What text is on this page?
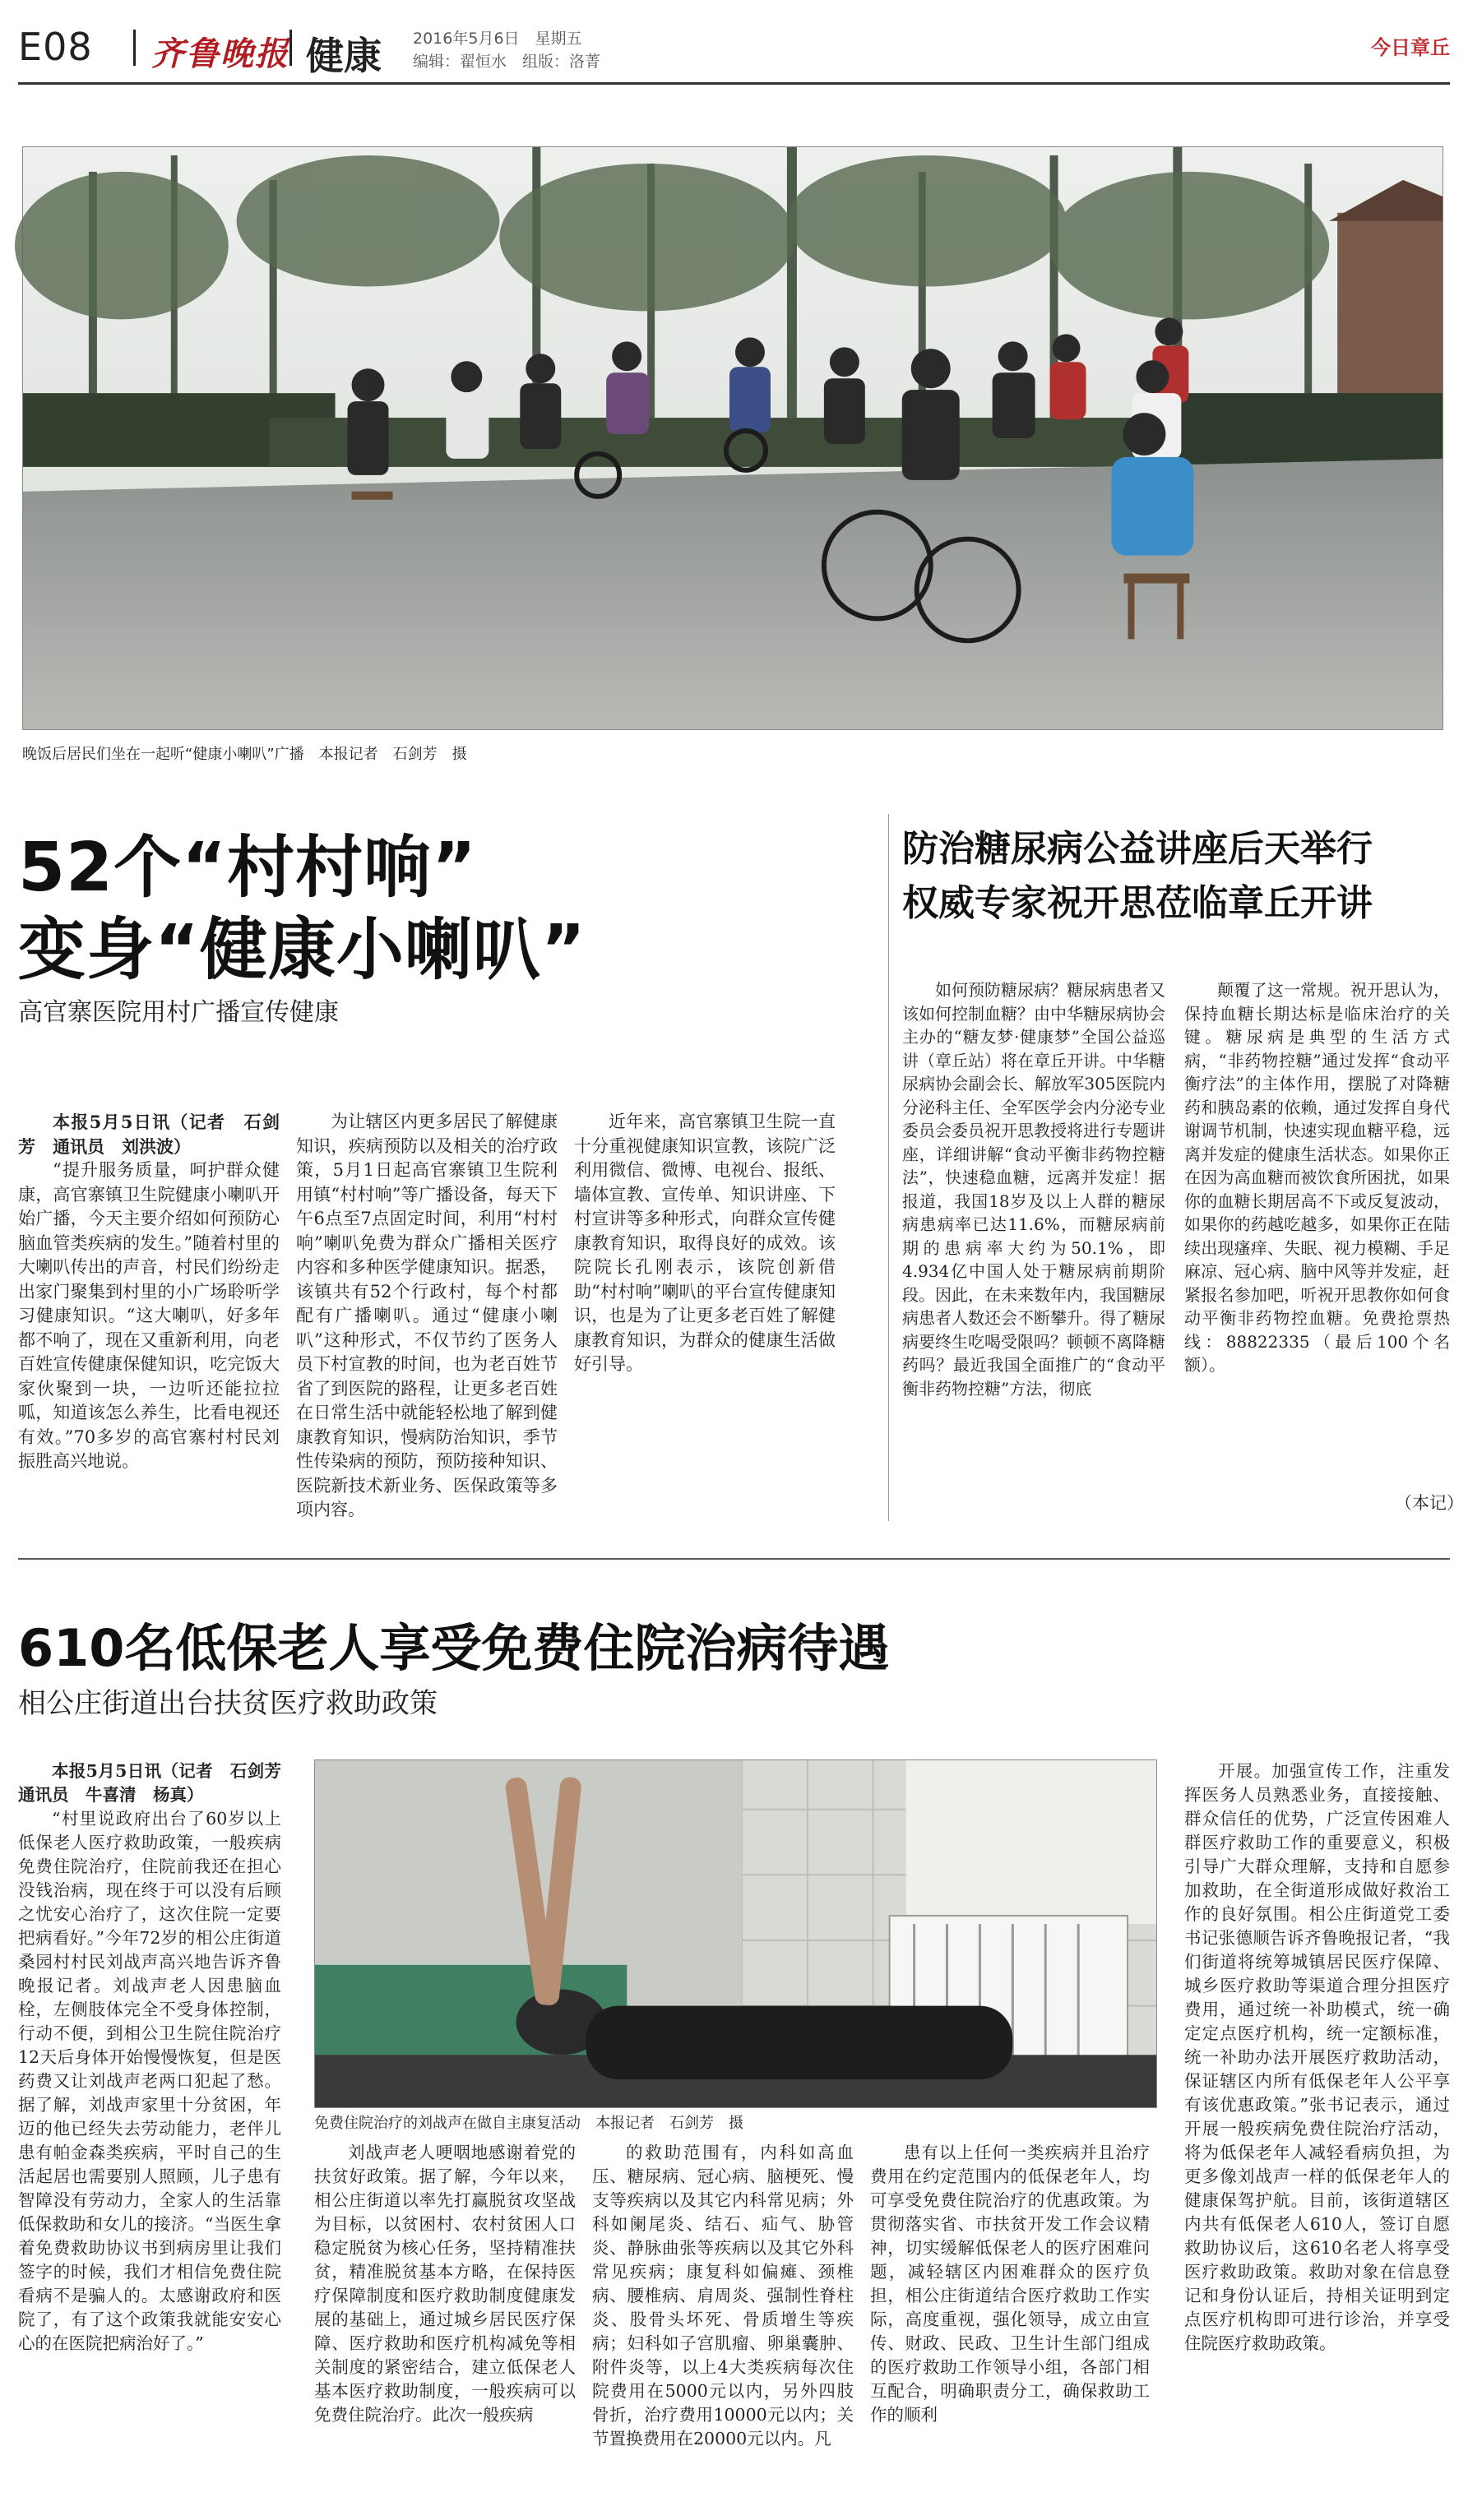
E08 齐鲁晚报 健康 2016年5月6日　星期五
编辑：翟恒水　组版：洛菁
今日章丘
晚饭后居民们坐在一起听“健康小喇叭”广播　本报记者　石剑芳　摄
52个“村村响”
变身“健康小喇叭”
高官寨医院用村广播宣传健康

本报5月5日讯（记者　石剑芳　通讯员　刘洪波）

“提升服务质量，呵护群众健康，高官寨镇卫生院健康小喇叭开始广播，今天主要介绍如何预防心脑血管类疾病的发生。”随着村里的大喇叭传出的声音，村民们纷纷走出家门聚集到村里的小广场聆听学习健康知识。“这大喇叭，好多年都不响了，现在又重新利用，向老百姓宣传健康保健知识，吃完饭大家伙聚到一块，一边听还能拉拉呱，知道该怎么养生，比看电视还有效。”70多岁的高官寨村村民刘振胜高兴地说。

为让辖区内更多居民了解健康知识，疾病预防以及相关的治疗政策，5月1日起高官寨镇卫生院利用镇“村村响”等广播设备，每天下午6点至7点固定时间，利用“村村响”喇叭免费为群众广播相关医疗内容和多种医学健康知识。据悉，该镇共有52个行政村，每个村都配有广播喇叭。通过“健康小喇叭”这种形式，不仅节约了医务人员下村宣教的时间，也为老百姓节省了到医院的路程，让更多老百姓在日常生活中就能轻松地了解到健康教育知识，慢病防治知识，季节性传染病的预防，预防接种知识、医院新技术新业务、医保政策等多项内容。

近年来，高官寨镇卫生院一直十分重视健康知识宣教，该院广泛利用微信、微博、电视台、报纸、墙体宣教、宣传单、知识讲座、下村宣讲等多种形式，向群众宣传健康教育知识，取得良好的成效。该院院长孔刚表示，该院创新借助“村村响”喇叭的平台宣传健康知识，也是为了让更多老百姓了解健康教育知识，为群众的健康生活做好引导。

防治糖尿病公益讲座后天举行
权威专家祝开思莅临章丘开讲

如何预防糖尿病？糖尿病患者又该如何控制血糖？由中华糖尿病协会主办的“糖友梦·健康梦”全国公益巡讲（章丘站）将在章丘开讲。中华糖尿病协会副会长、解放军305医院内分泌科主任、全军医学会内分泌专业委员会委员祝开思教授将进行专题讲座，详细讲解“食动平衡非药物控糖法”，快速稳血糖，远离并发症！据报道，我国18岁及以上人群的糖尿病患病率已达11.6%，而糖尿病前期的患病率大约为50.1%，即4.934亿中国人处于糖尿病前期阶段。因此，在未来数年内，我国糖尿病患者人数还会不断攀升。得了糖尿病要终生吃喝受限吗？顿顿不离降糖药吗？最近我国全面推广的“食动平衡非药物控糖”方法，彻底

颠覆了这一常规。祝开思认为，保持血糖长期达标是临床治疗的关键。糖尿病是典型的生活方式病，“非药物控糖”通过发挥“食动平衡疗法”的主体作用，摆脱了对降糖药和胰岛素的依赖，通过发挥自身代谢调节机制，快速实现血糖平稳，远离并发症的健康生活状态。如果你正在因为高血糖而被饮食所困扰，如果你的血糖长期居高不下或反复波动，如果你的药越吃越多，如果你正在陆续出现瘙痒、失眠、视力模糊、手足麻凉、冠心病、脑中风等并发症，赶紧报名参加吧，听祝开思教你如何食动平衡非药物控血糖。免费抢票热线：88822335（最后100个名额）。

（本记）
610名低保老人享受免费住院治病待遇
相公庄街道出台扶贫医疗救助政策
免费住院治疗的刘战声在做自主康复活动　本报记者　石剑芳　摄

本报5月5日讯（记者　石剑芳　通讯员　牛喜清　杨真）

“村里说政府出台了60岁以上低保老人医疗救助政策，一般疾病免费住院治疗，住院前我还在担心没钱治病，现在终于可以没有后顾之忧安心治疗了，这次住院一定要把病看好。”今年72岁的相公庄街道桑园村村民刘战声高兴地告诉齐鲁晚报记者。刘战声老人因患脑血栓，左侧肢体完全不受身体控制，行动不便，到相公卫生院住院治疗12天后身体开始慢慢恢复，但是医药费又让刘战声老两口犯起了愁。据了解，刘战声家里十分贫困，年迈的他已经失去劳动能力，老伴儿患有帕金森类疾病，平时自己的生活起居也需要别人照顾，儿子患有智障没有劳动力，全家人的生活靠低保救助和女儿的接济。“当医生拿着免费救助协议书到病房里让我们签字的时候，我们才相信免费住院看病不是骗人的。太感谢政府和医院了，有了这个政策我就能安安心心的在医院把病治好了。”

刘战声老人哽咽地感谢着党的扶贫好政策。据了解，今年以来，相公庄街道以率先打赢脱贫攻坚战为目标，以贫困村、农村贫困人口稳定脱贫为核心任务，坚持精准扶贫，精准脱贫基本方略，在保持医疗保障制度和医疗救助制度健康发展的基础上，通过城乡居民医疗保障、医疗救助和医疗机构减免等相关制度的紧密结合，建立低保老人基本医疗救助制度，一般疾病可以免费住院治疗。此次一般疾病

的救助范围有，内科如高血压、糖尿病、冠心病、脑梗死、慢支等疾病以及其它内科常见病；外科如阑尾炎、结石、疝气、胁管炎、静脉曲张等疾病以及其它外科常见疾病；康复科如偏瘫、颈椎病、腰椎病、肩周炎、强制性脊柱炎、股骨头坏死、骨质增生等疾病；妇科如子宫肌瘤、卵巢囊肿、附件炎等，以上4大类疾病每次住院费用在5000元以内，另外四肢骨折，治疗费用10000元以内；关节置换费用在20000元以内。凡

患有以上任何一类疾病并且治疗费用在约定范围内的低保老年人，均可享受免费住院治疗的优惠政策。为贯彻落实省、市扶贫开发工作会议精神，切实缓解低保老人的医疗困难问题，减轻辖区内困难群众的医疗负担，相公庄街道结合医疗救助工作实际，高度重视，强化领导，成立由宣传、财政、民政、卫生计生部门组成的医疗救助工作领导小组，各部门相互配合，明确职责分工，确保救助工作的顺利

开展。加强宣传工作，注重发挥医务人员熟悉业务，直接接触、群众信任的优势，广泛宣传困难人群医疗救助工作的重要意义，积极引导广大群众理解，支持和自愿参加救助，在全街道形成做好救治工作的良好氛围。相公庄街道党工委书记张德顺告诉齐鲁晚报记者，“我们街道将统筹城镇居民医疗保障、城乡医疗救助等渠道合理分担医疗费用，通过统一补助模式，统一确定定点医疗机构，统一定额标准，统一补助办法开展医疗救助活动，保证辖区内所有低保老年人公平享有该优惠政策。”张书记表示，通过开展一般疾病免费住院治疗活动，将为低保老年人减轻看病负担，为更多像刘战声一样的低保老年人的健康保驾护航。目前，该街道辖区内共有低保老人610人，签订自愿救助协议后，这610名老人将享受医疗救助政策。救助对象在信息登记和身份认证后，持相关证明到定点医疗机构即可进行诊治，并享受住院医疗救助政策。
